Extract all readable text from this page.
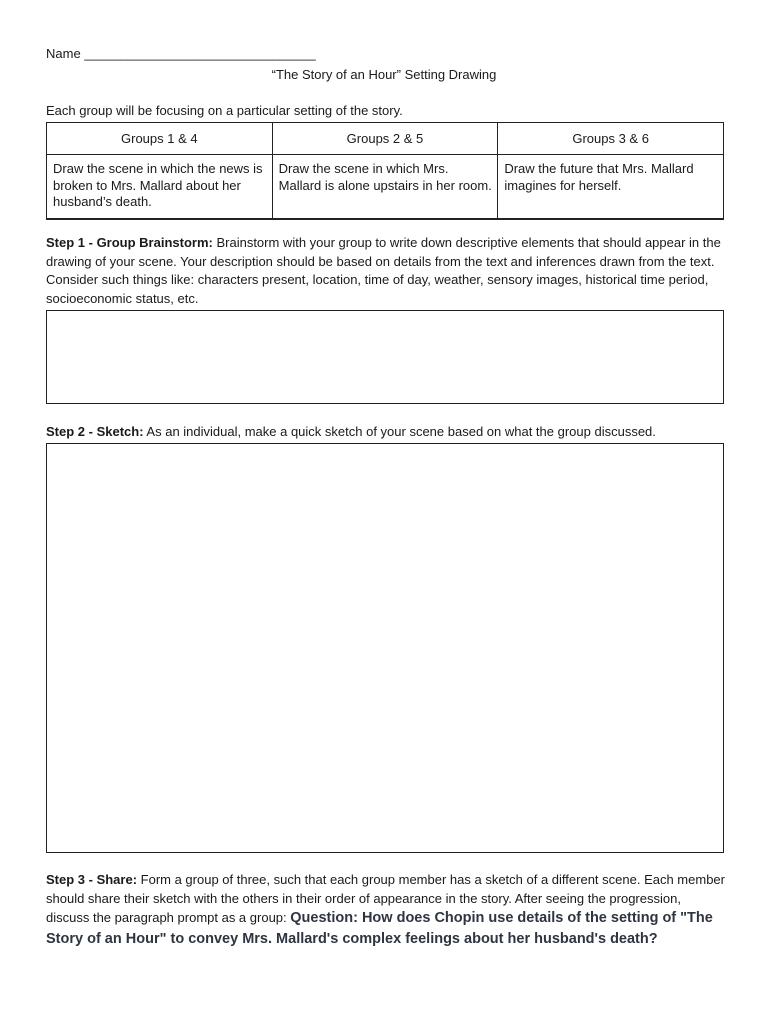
Name ________________________________
“The Story of an Hour” Setting Drawing
Each group will be focusing on a particular setting of the story.
Groups 1 & 4	Groups 2 & 5	Groups 3 & 6
Draw the scene in which the news is broken to Mrs. Mallard about her husband’s death.	Draw the scene in which Mrs. Mallard is alone upstairs in her room.	Draw the future that Mrs. Mallard imagines for herself.
Step 1 - Group Brainstorm: Brainstorm with your group to write down descriptive elements that should appear in the drawing of your scene. Your description should be based on details from the text and inferences drawn from the text. Consider such things like: characters present, location, time of day, weather, sensory images, historical time period, socioeconomic status, etc.
Step 2 - Sketch: As an individual, make a quick sketch of your scene based on what the group discussed.
Step 3 - Share: Form a group of three, such that each group member has a sketch of a different scene. Each member should share their sketch with the others in their order of appearance in the story. After seeing the progression, discuss the paragraph prompt as a group: Question: How does Chopin use details of the setting of "The Story of an Hour" to convey Mrs. Mallard's complex feelings about her husband's death?
